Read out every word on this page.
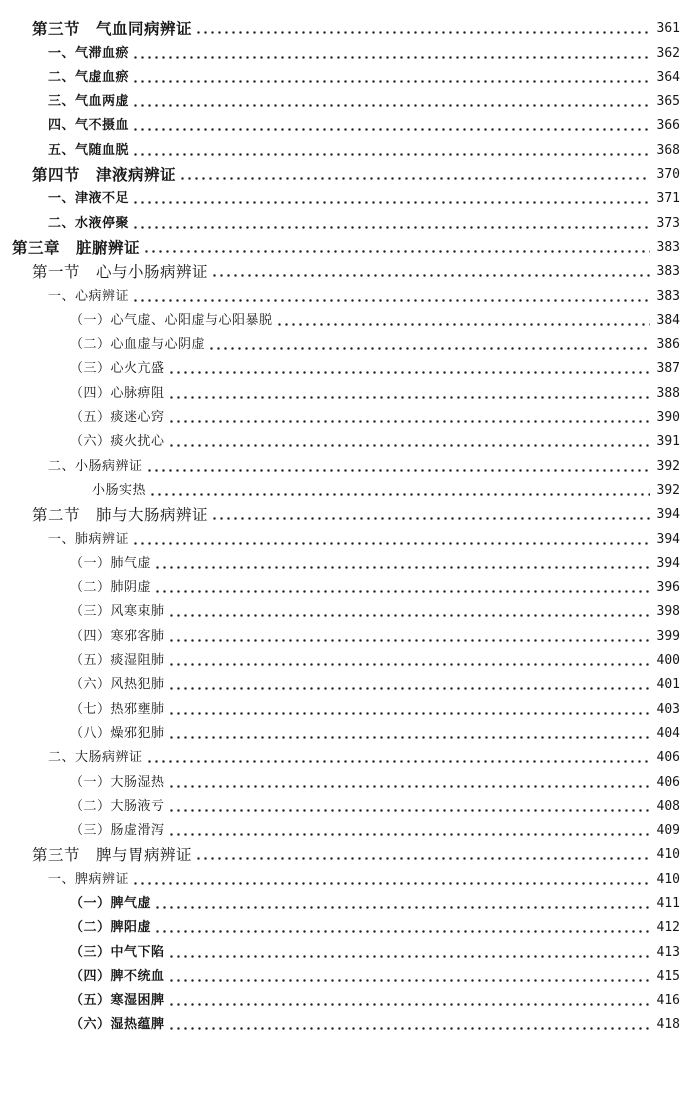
第三节　气血同病辨证	361
一、气滞血瘀	362
二、气虚血瘀	364
三、气血两虚	365
四、气不摄血	366
五、气随血脱	368
第四节　津液病辨证	370
一、津液不足	371
二、水液停聚	373
第三章　脏腑辨证	383
第一节　心与小肠病辨证	383
一、心病辨证	383
（一）心气虚、心阳虚与心阳暴脱	384
（二）心血虚与心阴虚	386
（三）心火亢盛	387
（四）心脉痹阻	388
（五）痰迷心窍	390
（六）痰火扰心	391
二、小肠病辨证	392
小肠实热	392
第二节　肺与大肠病辨证	394
一、肺病辨证	394
（一）肺气虚	394
（二）肺阴虚	396
（三）风寒束肺	398
（四）寒邪客肺	399
（五）痰湿阻肺	400
（六）风热犯肺	401
（七）热邪壅肺	403
（八）燥邪犯肺	404
二、大肠病辨证	406
（一）大肠湿热	406
（二）大肠液亏	408
（三）肠虚滑泻	409
第三节　脾与胃病辨证	410
一、脾病辨证	410
（一）脾气虚	411
（二）脾阳虚	412
（三）中气下陷	413
（四）脾不统血	415
（五）寒湿困脾	416
（六）湿热蕴脾	418
